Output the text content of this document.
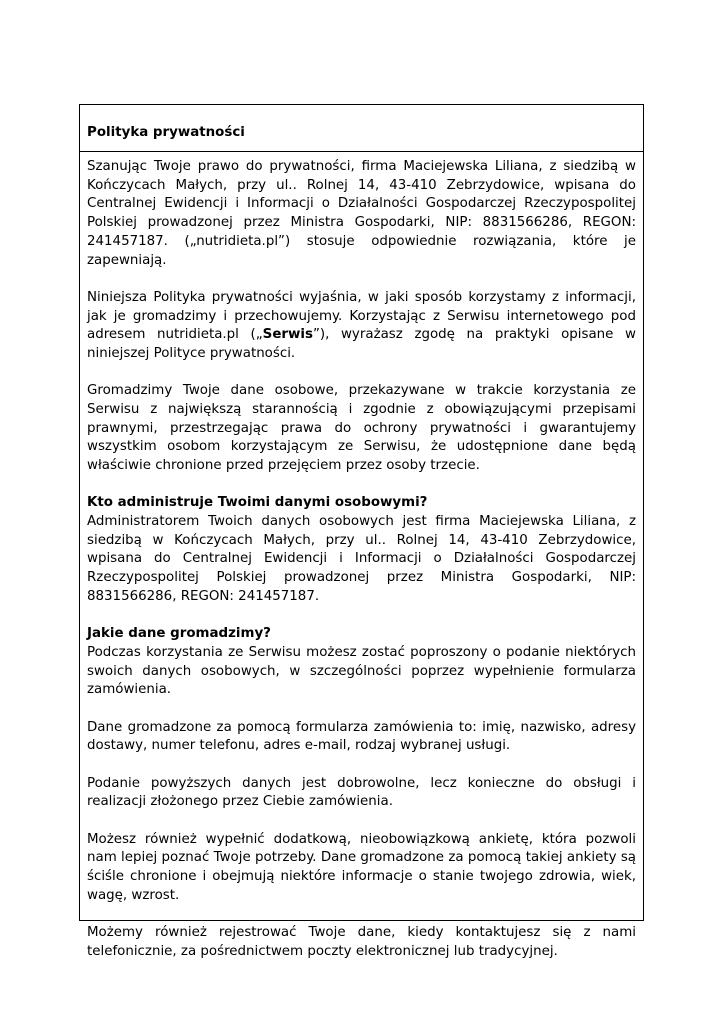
Polityka prywatności

Szanując Twoje prawo do prywatności, firma Maciejewska Liliana, z siedzibą w Kończycach Małych, przy ul.. Rolnej 14, 43-410 Zebrzydowice, wpisana do Centralnej Ewidencji i Informacji o Działalności Gospodarczej Rzeczypospolitej Polskiej prowadzonej przez Ministra Gospodarki, NIP: 8831566286, REGON: 241457187. („nutridieta.pl”) stosuje odpowiednie rozwiązania, które je zapewniają.

Niniejsza Polityka prywatności wyjaśnia, w jaki sposób korzystamy z informacji, jak je gromadzimy i przechowujemy. Korzystając z Serwisu internetowego pod adresem nutridieta.pl („Serwis”), wyrażasz zgodę na praktyki opisane w niniejszej Polityce prywatności.

Gromadzimy Twoje dane osobowe, przekazywane w trakcie korzystania ze Serwisu z największą starannością i zgodnie z obowiązującymi przepisami prawnymi, przestrzegając prawa do ochrony prywatności i gwarantujemy wszystkim osobom korzystającym ze Serwisu, że udostępnione dane będą właściwie chronione przed przejęciem przez osoby trzecie.

Kto administruje Twoimi danymi osobowymi?

Administratorem Twoich danych osobowych jest firma Maciejewska Liliana, z siedzibą w Kończycach Małych, przy ul.. Rolnej 14, 43-410 Zebrzydowice, wpisana do Centralnej Ewidencji i Informacji o Działalności Gospodarczej Rzeczypospolitej Polskiej prowadzonej przez Ministra Gospodarki, NIP: 8831566286, REGON: 241457187.

Jakie dane gromadzimy?

Podczas korzystania ze Serwisu możesz zostać poproszony o podanie niektórych swoich danych osobowych, w szczególności poprzez wypełnienie formularza zamówienia.

Dane gromadzone za pomocą formularza zamówienia to: imię, nazwisko, adresy dostawy, numer telefonu, adres e-mail, rodzaj wybranej usługi.

Podanie powyższych danych jest dobrowolne, lecz konieczne do obsługi i realizacji złożonego przez Ciebie zamówienia.

Możesz również wypełnić dodatkową, nieobowiązkową ankietę, która pozwoli nam lepiej poznać Twoje potrzeby. Dane gromadzone za pomocą takiej ankiety są ściśle chronione i obejmują niektóre informacje o stanie twojego zdrowia, wiek, wagę, wzrost.

Możemy również rejestrować Twoje dane, kiedy kontaktujesz się z nami telefonicznie, za pośrednictwem poczty elektronicznej lub tradycyjnej.
